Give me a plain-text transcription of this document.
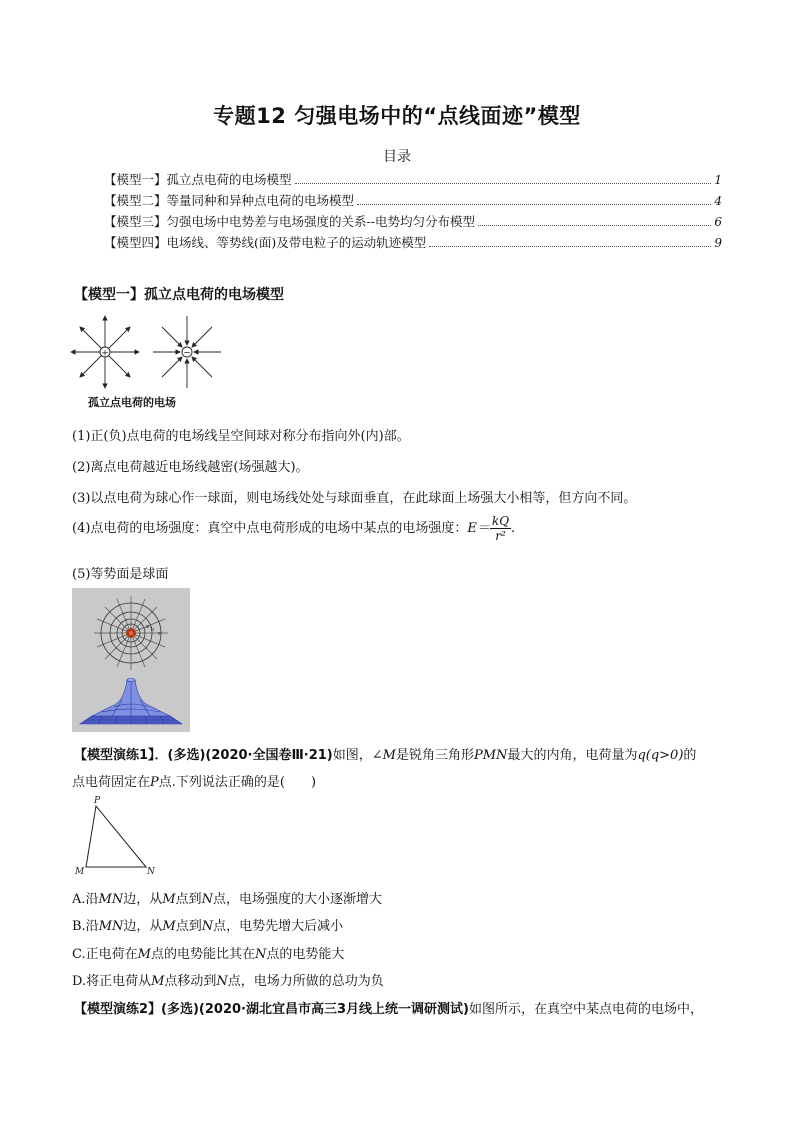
专题12 匀强电场中的“点线面迹”模型
目录
【模型一】 孤立点电荷的电场模型	1
【模型二】 等量同种和异种点电荷的电场模型	4
【模型三】 匀强电场中电势差与电场强度的关系--电势均匀分布模型	6
【模型四】 电场线、等势线(面)及带电粒子的运动轨迹模型	9
【模型一】孤立点电荷的电场模型
+	−
孤立点电荷的电场
(1)正(负)点电荷的电场线呈空间球对称分布指向外(内)部。
(2)离点电荷越近电场线越密(场强越大)。
(3)以点电荷为球心作一球面，则电场线处处与球面垂直，在此球面上场强大小相等，但方向不同。
(4)点电荷的电场强度：真空中点电荷形成的电场中某点的电场强度：$E= \frac{kQ}{\text{r²}}$ .
(5)等势面是球面
a b
c
【模型演练1】．(多选)(2020·全国卷Ⅲ·21)如图，∠M是锐角三角形PMN最大的内角，电荷量为q(q>0)的
点电荷固定在P点.下列说法正确的是(　　)
P
M	N
A.沿MN边，从M点到N点，电场强度的大小逐渐增大
B.沿MN边，从M点到N点，电势先增大后减小
C.正电荷在M点的电势能比其在N点的电势能大
D.将正电荷从M点移动到N点，电场力所做的总功为负
【模型演练2】(多选)(2020·湖北宜昌市高三3月线上统一调研测试)如图所示，在真空中某点电荷的电场中，
